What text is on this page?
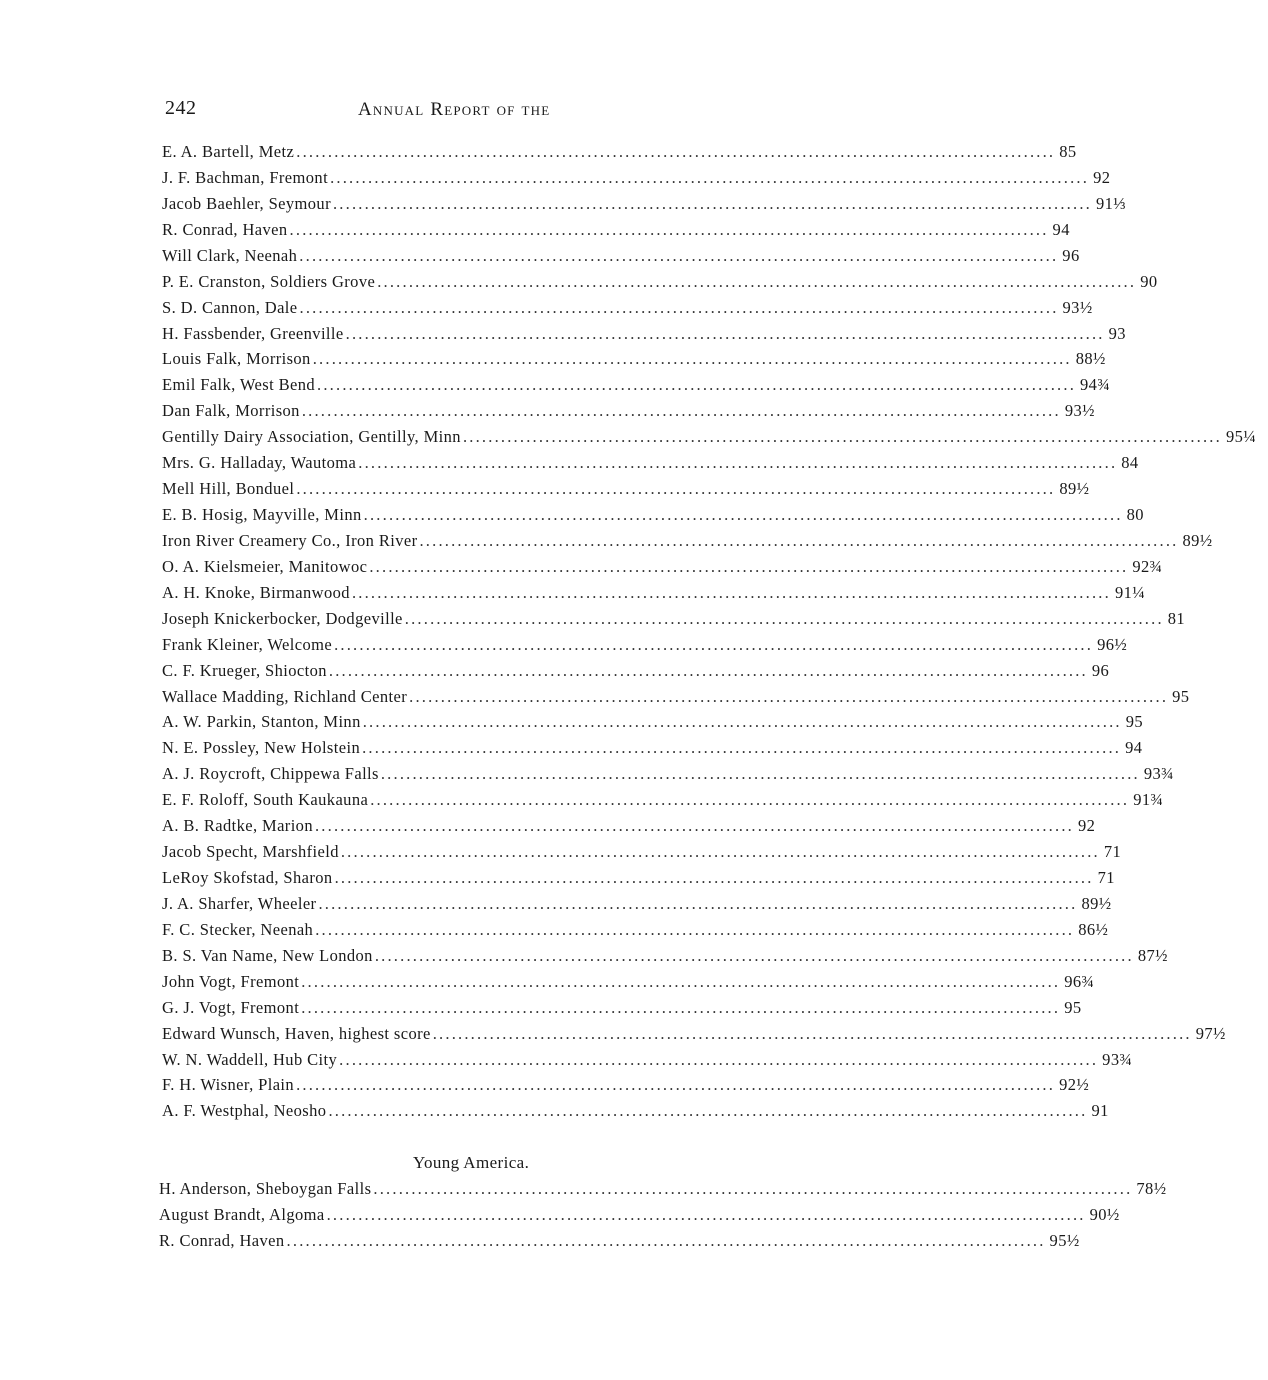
242	Annual Report of the
E. A. Bartell, Metz ........................................................................................................................ 85
J. F. Bachman, Fremont ........................................................................................................................ 92
Jacob Baehler, Seymour ........................................................................................................................ 91⅓
R. Conrad, Haven ........................................................................................................................ 94
Will Clark, Neenah ........................................................................................................................ 96
P. E. Cranston, Soldiers Grove ........................................................................................................................ 90
S. D. Cannon, Dale ........................................................................................................................ 93½
H. Fassbender, Greenville ........................................................................................................................ 93
Louis Falk, Morrison ........................................................................................................................ 88½
Emil Falk, West Bend ........................................................................................................................ 94¾
Dan Falk, Morrison ........................................................................................................................ 93½
Gentilly Dairy Association, Gentilly, Minn ........................................................................................................................ 95¼
Mrs. G. Halladay, Wautoma ........................................................................................................................ 84
Mell Hill, Bonduel ........................................................................................................................ 89½
E. B. Hosig, Mayville, Minn ........................................................................................................................ 80
Iron River Creamery Co., Iron River ........................................................................................................................ 89½
O. A. Kielsmeier, Manitowoc ........................................................................................................................ 92¾
A. H. Knoke, Birmanwood ........................................................................................................................ 91¼
Joseph Knickerbocker, Dodgeville ........................................................................................................................ 81
Frank Kleiner, Welcome ........................................................................................................................ 96½
C. F. Krueger, Shiocton ........................................................................................................................ 96
Wallace Madding, Richland Center ........................................................................................................................ 95
A. W. Parkin, Stanton, Minn ........................................................................................................................ 95
N. E. Possley, New Holstein ........................................................................................................................ 94
A. J. Roycroft, Chippewa Falls ........................................................................................................................ 93¾
E. F. Roloff, South Kaukauna ........................................................................................................................ 91¾
A. B. Radtke, Marion ........................................................................................................................ 92
Jacob Specht, Marshfield ........................................................................................................................ 71
LeRoy Skofstad, Sharon ........................................................................................................................ 71
J. A. Sharfer, Wheeler ........................................................................................................................ 89½
F. C. Stecker, Neenah ........................................................................................................................ 86½
B. S. Van Name, New London ........................................................................................................................ 87½
John Vogt, Fremont ........................................................................................................................ 96¾
G. J. Vogt, Fremont ........................................................................................................................ 95
Edward Wunsch, Haven, highest score ........................................................................................................................ 97½
W. N. Waddell, Hub City ........................................................................................................................ 93¾
F. H. Wisner, Plain ........................................................................................................................ 92½
A. F. Westphal, Neosho ........................................................................................................................ 91
Young America.
H. Anderson, Sheboygan Falls ........................................................................................................................ 78½
August Brandt, Algoma ........................................................................................................................ 90½
R. Conrad, Haven ........................................................................................................................ 95½
